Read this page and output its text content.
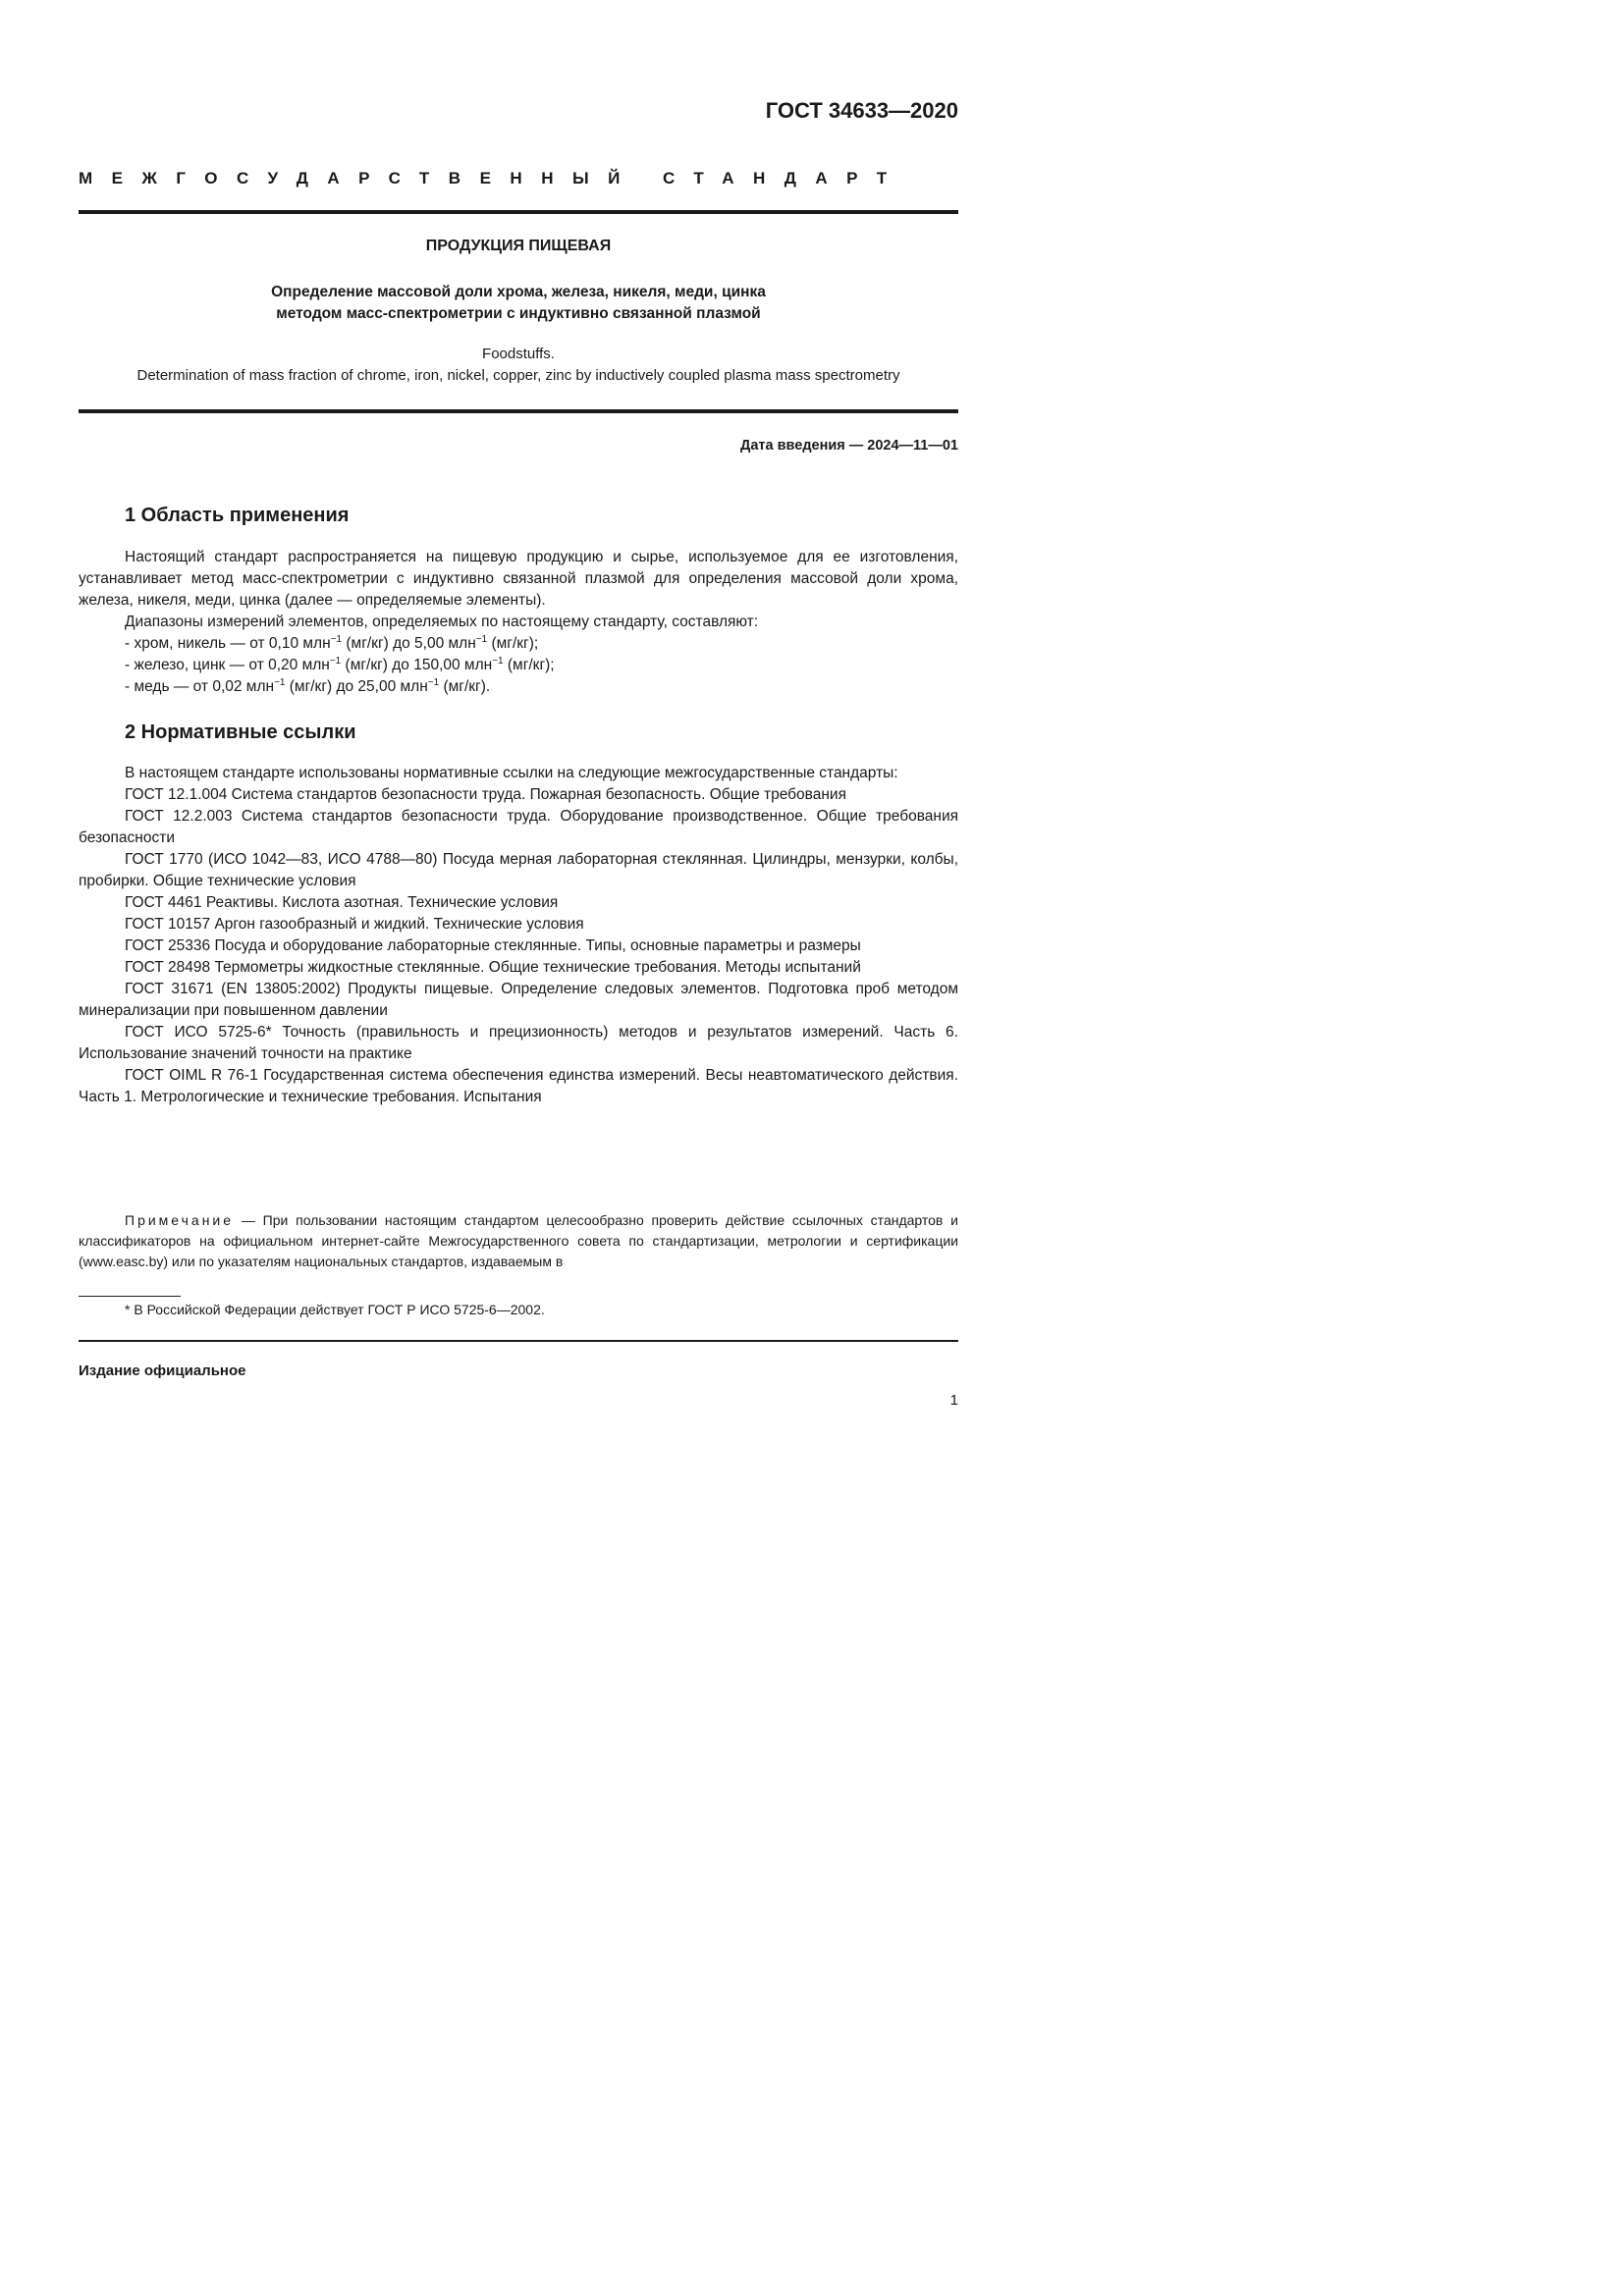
ГОСТ 34633—2020
МЕЖГОСУДАРСТВЕННЫЙ СТАНДАРТ
ПРОДУКЦИЯ ПИЩЕВАЯ
Определение массовой доли хрома, железа, никеля, меди, цинка
методом масс-спектрометрии с индуктивно связанной плазмой
Foodstuffs.
Determination of mass fraction of chrome, iron, nickel, copper, zinc by inductively coupled plasma mass spectrometry
Дата введения — 2024—11—01
1 Область применения

Настоящий стандарт распространяется на пищевую продукцию и сырье, используемое для ее изготовления, устанавливает метод масс-спектрометрии с индуктивно связанной плазмой для определения массовой доли хрома, железа, никеля, меди, цинка (далее — определяемые элементы).

Диапазоны измерений элементов, определяемых по настоящему стандарту, составляют:

- хром, никель — от 0,10 млн$^{-1}$ (мг/кг) до 5,00 млн$^{-1}$ (мг/кг);
- железо, цинк — от 0,20 млн$^{-1}$ (мг/кг) до 150,00 млн$^{-1}$ (мг/кг);
- медь — от 0,02 млн$^{-1}$ (мг/кг) до 25,00 млн$^{-1}$ (мг/кг).
2 Нормативные ссылки

В настоящем стандарте использованы нормативные ссылки на следующие межгосударственные стандарты:

ГОСТ 12.1.004 Система стандартов безопасности труда. Пожарная безопасность. Общие требования

ГОСТ 12.2.003 Система стандартов безопасности труда. Оборудование производственное. Общие требования безопасности

ГОСТ 1770 (ИСО 1042—83, ИСО 4788—80) Посуда мерная лабораторная стеклянная. Цилиндры, мензурки, колбы, пробирки. Общие технические условия

ГОСТ 4461 Реактивы. Кислота азотная. Технические условия

ГОСТ 10157 Аргон газообразный и жидкий. Технические условия

ГОСТ 25336 Посуда и оборудование лабораторные стеклянные. Типы, основные параметры и размеры

ГОСТ 28498 Термометры жидкостные стеклянные. Общие технические требования. Методы испытаний

ГОСТ 31671 (EN 13805:2002) Продукты пищевые. Определение следовых элементов. Подготовка проб методом минерализации при повышенном давлении

ГОСТ ИСО 5725-6* Точность (правильность и прецизионность) методов и результатов измерений. Часть 6. Использование значений точности на практике

ГОСТ OIML R 76-1 Государственная система обеспечения единства измерений. Весы неавтоматического действия. Часть 1. Метрологические и технические требования. Испытания

Примечание — При пользовании настоящим стандартом целесообразно проверить действие ссылочных стандартов и классификаторов на официальном интернет-сайте Межгосударственного совета по стандартизации, метрологии и сертификации (www.easc.by) или по указателям национальных стандартов, издаваемым в
* В Российской Федерации действует ГОСТ Р ИСО 5725-6—2002.
Издание официальное
1
